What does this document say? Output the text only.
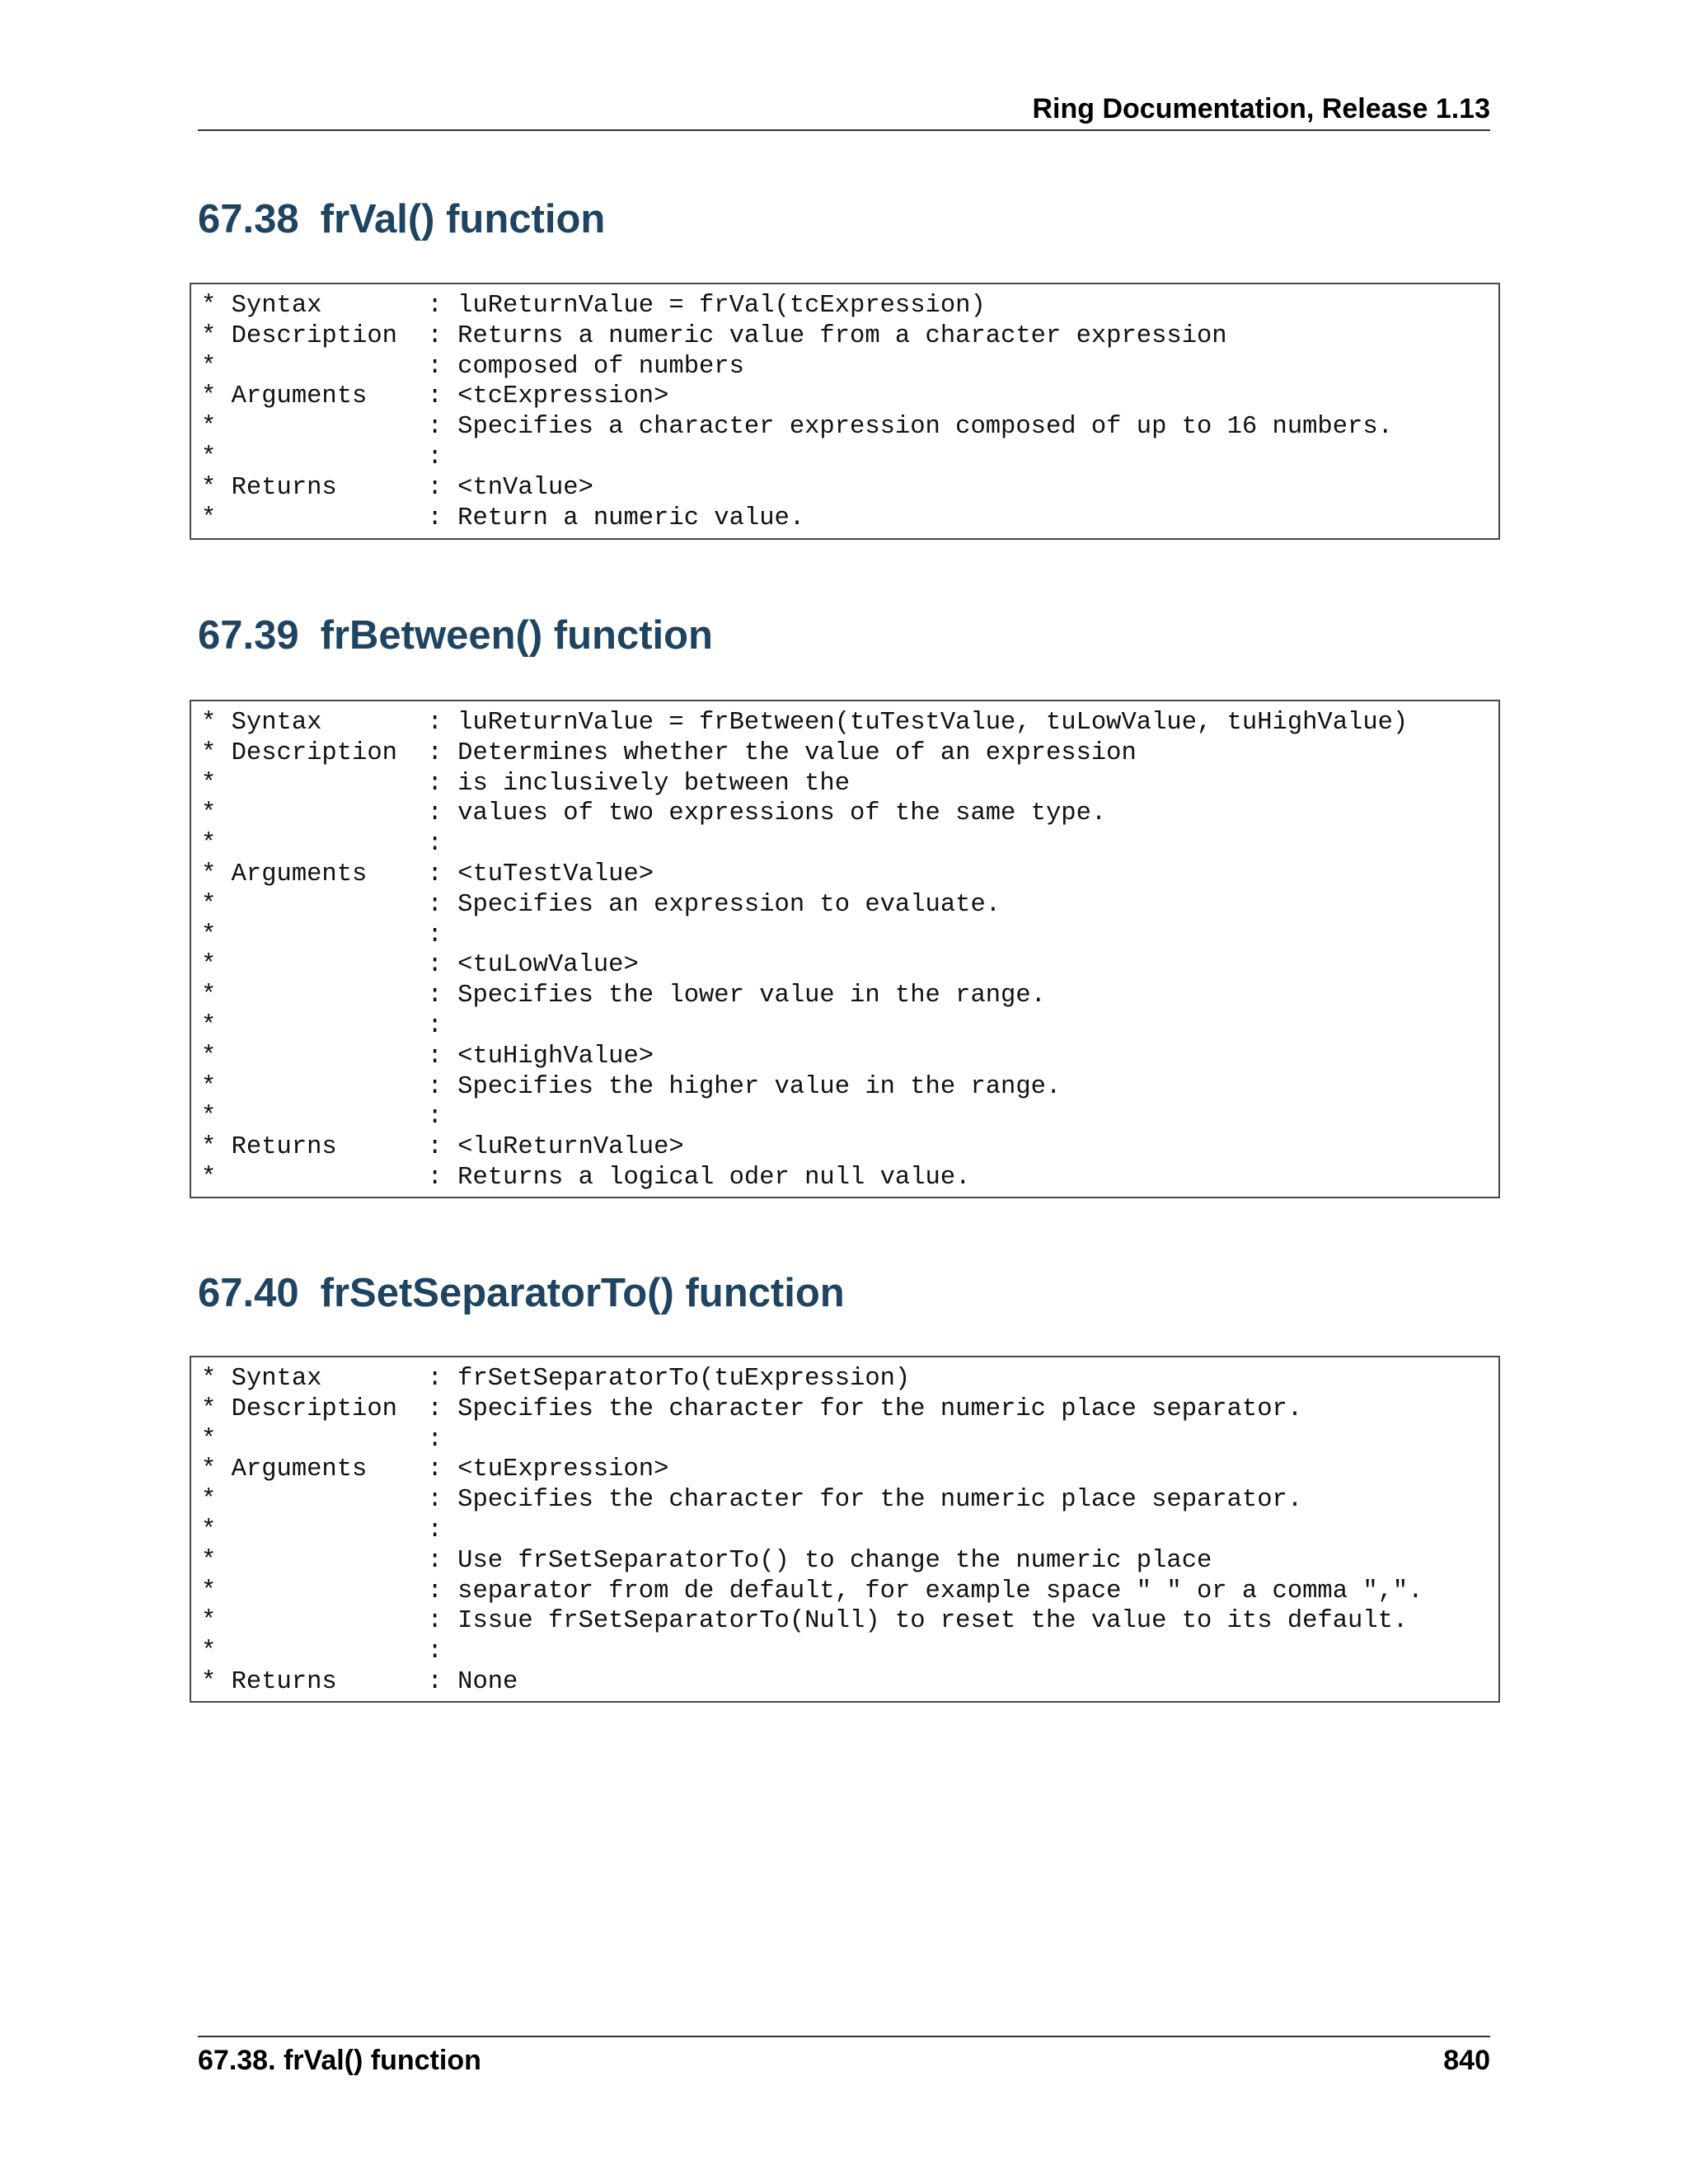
Ring Documentation, Release 1.13
67.38 frVal() function
* Syntax       : luReturnValue = frVal(tcExpression)
* Description  : Returns a numeric value from a character expression
*              : composed of numbers
* Arguments    : <tcExpression>
*              : Specifies a character expression composed of up to 16 numbers.
*              :
* Returns      : <tnValue>
*              : Return a numeric value.
67.39 frBetween() function
* Syntax       : luReturnValue = frBetween(tuTestValue, tuLowValue, tuHighValue)
* Description  : Determines whether the value of an expression
*              : is inclusively between the
*              : values of two expressions of the same type.
*              :
* Arguments    : <tuTestValue>
*              : Specifies an expression to evaluate.
*              :
*              : <tuLowValue>
*              : Specifies the lower value in the range.
*              :
*              : <tuHighValue>
*              : Specifies the higher value in the range.
*              :
* Returns      : <luReturnValue>
*              : Returns a logical oder null value.
67.40 frSetSeparatorTo() function
* Syntax       : frSetSeparatorTo(tuExpression)
* Description  : Specifies the character for the numeric place separator.
*              :
* Arguments    : <tuExpression>
*              : Specifies the character for the numeric place separator.
*              :
*              : Use frSetSeparatorTo() to change the numeric place
*              : separator from de default, for example space " " or a comma ",".
*              : Issue frSetSeparatorTo(Null) to reset the value to its default.
*              :
* Returns      : None
67.38. frVal() function	840
